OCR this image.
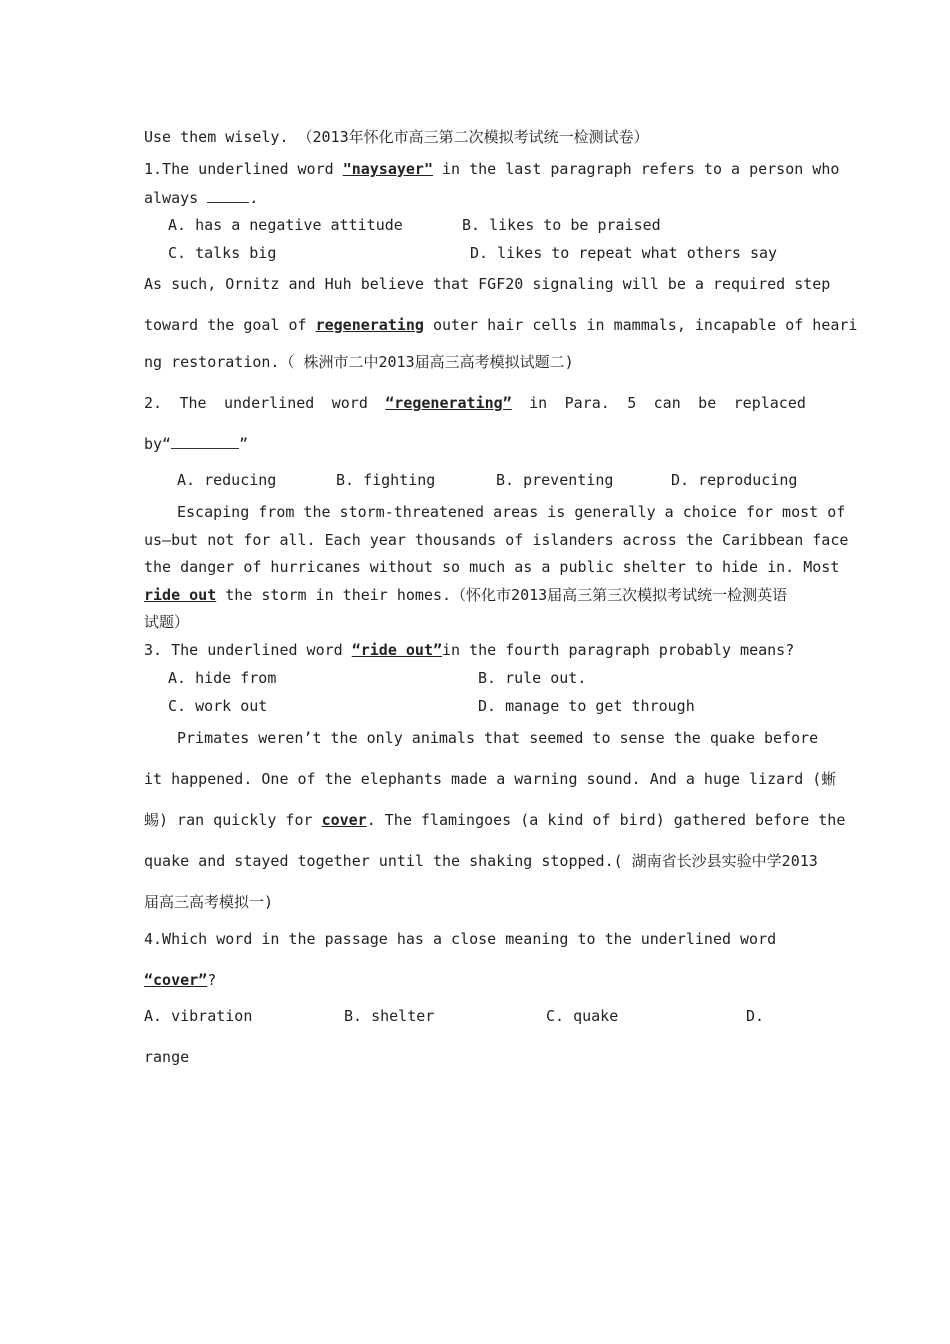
Use them wisely. （2013年怀化市高三第二次模拟考试统一检测试卷）
1.The underlined word "naysayer" in the last paragraph refers to a person who
always	.
A. has a negative attitude	B. likes to be praised
C. talks big	D. likes to repeat what others say
As such, Ornitz and Huh believe that FGF20 signaling will be a required step
toward the goal of regenerating outer hair cells in mammals, incapable of heari
ng restoration.（ 株洲市二中2013届高三高考模拟试题二)
2. The underlined word “regenerating” in Para. 5 can be replaced
by“	”
A. reducing	B. fighting	B. preventing	D. reproducing
Escaping from the storm-threatened areas is generally a choice for most of
us—but not for all. Each year thousands of islanders across the Caribbean face
the danger of hurricanes without so much as a public shelter to hide in. Most
ride out the storm in their homes.（怀化市2013届高三第三次模拟考试统一检测英语
试题）
3. The underlined word “ride out”in the fourth paragraph probably means?
A. hide from	B. rule out.
C. work out	D. manage to get through
Primates weren’t the only animals that seemed to sense the quake before
it happened. One of the elephants made a warning sound. And a huge lizard (蜥
蜴) ran quickly for cover. The flamingoes (a kind of bird) gathered before the
quake and stayed together until the shaking stopped.( 湖南省长沙县实验中学2013
届高三高考模拟一)
4.Which word in the passage has a close meaning to the underlined word
“cover”?
A. vibration	B. shelter	C. quake	D.
range
